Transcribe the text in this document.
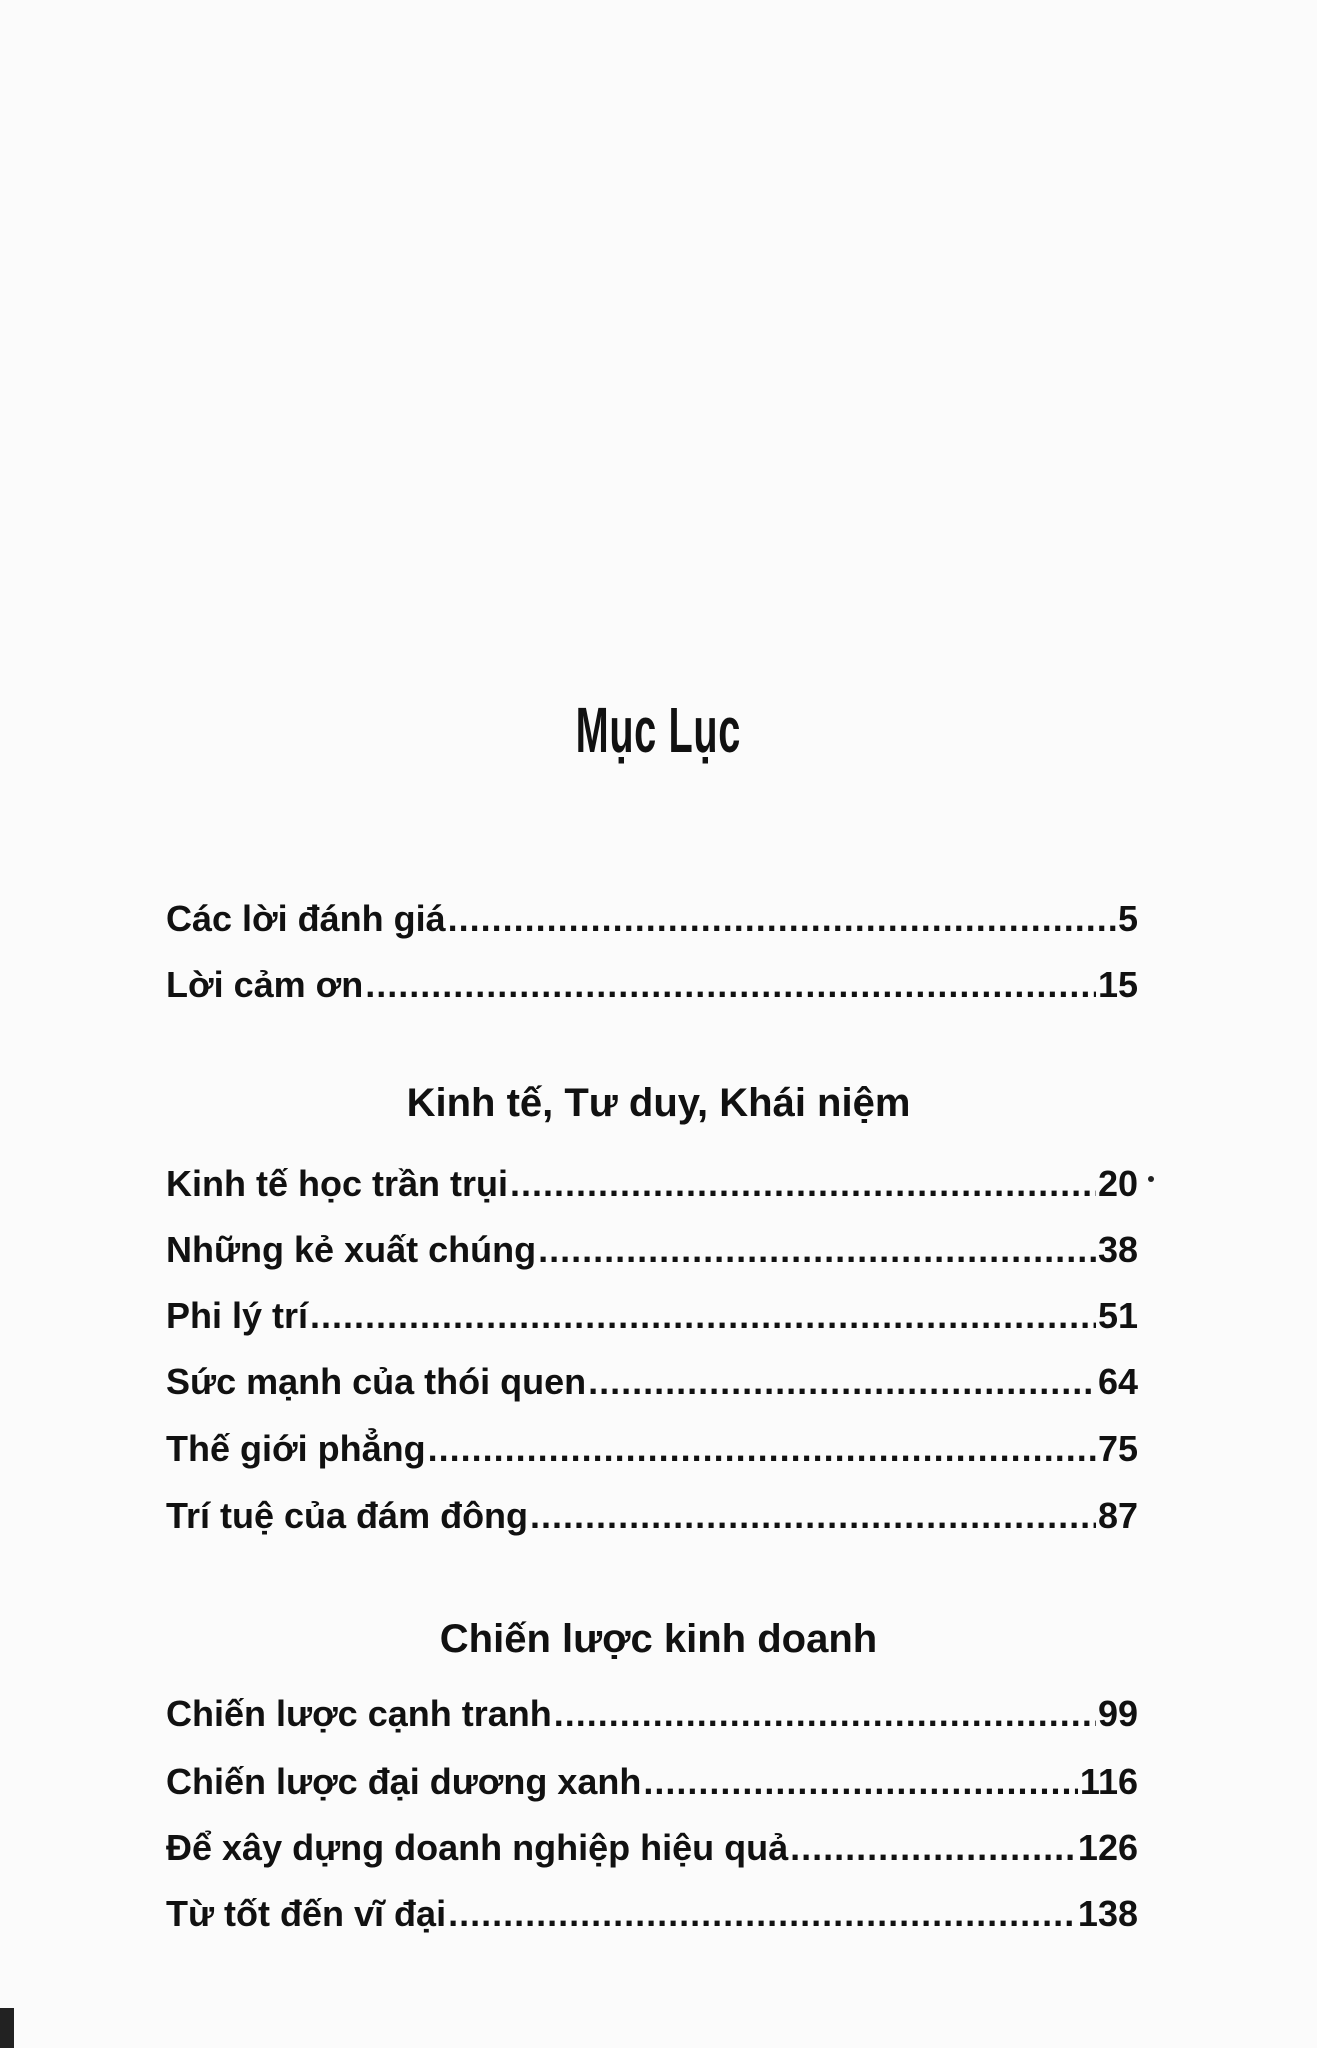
Mục Lục
Các lời đánh giá .....	5
Lời cảm ơn .....	15
Kinh tế, Tư duy, Khái niệm
Kinh tế học trần trụi .....	20
Những kẻ xuất chúng .....	38
Phi lý trí .....	51
Sức mạnh của thói quen .....	64
Thế giới phẳng .....	75
Trí tuệ của đám đông .....	87
Chiến lược kinh doanh
Chiến lược cạnh tranh .....	99
Chiến lược đại dương xanh .....	116
Để xây dựng doanh nghiệp hiệu quả .....	126
Từ tốt đến vĩ đại .....	138
